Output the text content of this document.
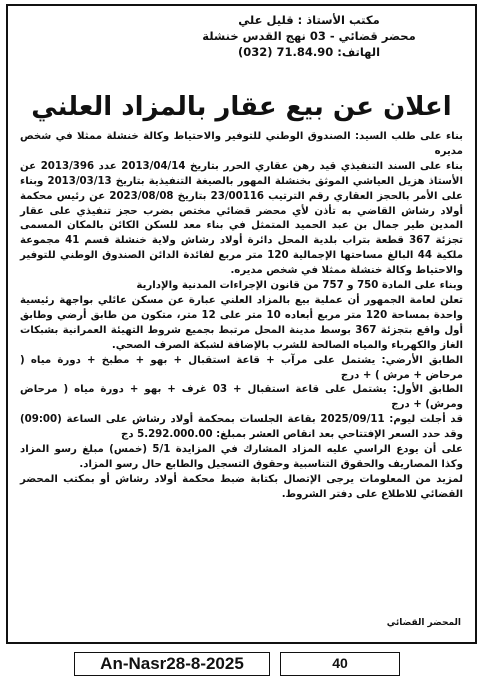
مكتب الأستاذ : قليل علي
محضر قضائي - 03 نهج القدس خنشلة
الهاتف: 71.84.90 (032)
اعلان عن بيع عقار بالمزاد العلني

بناء على طلب السيد: الصندوق الوطني للتوفير والاحتياط وكالة خنشلة ممثلا في شخص مديره

بناء على السند التنفيذي قيد رهن عقاري الحرر بتاريخ 2013/04/14 عدد 2013/396 عن الأستاذ هزيل العياشي الموثق بخنشلة المهور بالصيغة التنفيذية بتاريخ 2013/03/13 وبناء على الأمر بالحجز العقاري رقم الترتيب 23/00116 بتاريخ 2023/08/08 عن رئيس محكمة أولاد رشاش القاضي به تأذن لأي محضر قضائي مختص بضرب حجز تنفيذي على عقار المدين طير جمال بن عبد الحميد المتمثل في بناء معد للسكن الكائن بالمكان المسمى تجزئة 367 قطعة بتراب بلدية المحل دائرة أولاد رشاش ولاية خنشلة قسم 41 مجموعة ملكية 44 البالغ مساحتها الإجمالية 120 متر مربع لفائدة الدائن الصندوق الوطني للتوفير والاحتياط وكالة خنشلة ممثلا في شخص مديره.

وبناء على المادة 750 و 757 من قانون الإجراءات المدنية والإدارية

تعلن لعامة الجمهور أن عملية بيع بالمزاد العلني عبارة عن مسكن عائلي بواجهة رئيسية واحدة بمساحة 120 متر مربع أبعاده 10 متر على 12 متر، متكون من طابق أرضي وطابق أول واقع بتجزئة 367 بوسط مدينة المحل مرتبط بجميع شروط التهيئة العمرانية بشبكات الغاز والكهرباء والمياه الصالحة للشرب بالإضافة لشبكة الصرف الصحي.

الطابق الأرضي: يشتمل على مرآب + قاعة استقبال + بهو + مطبخ + دورة مياه ( مرحاض + مرش ) + درج

الطابق الأول: يشتمل على قاعة استقبال + 03 غرف + بهو + دورة مياه ( مرحاض ومرش) + درج

قد أجلت ليوم: 2025/09/11 بقاعة الجلسات بمحكمة أولاد رشاش على الساعة (09:00) وقد حدد السعر الإفتتاحي بعد انقاص العشر بمبلغ: 5.292.000.00 دج

على أن يودع الراسي عليه المزاد المشارك في المزايدة 5/1 (خمس) مبلغ رسو المزاد وكذا المصاريف والحقوق التناسبية وحقوق التسجيل والطابع حال رسو المزاد.

لمزيد من المعلومات يرجى الإتصال بكتابة ضبط محكمة أولاد رشاش أو بمكتب المحضر القضائي للاطلاع على دفتر الشروط.

المحضر القضائي
An-Nasr28-8-2025	40
